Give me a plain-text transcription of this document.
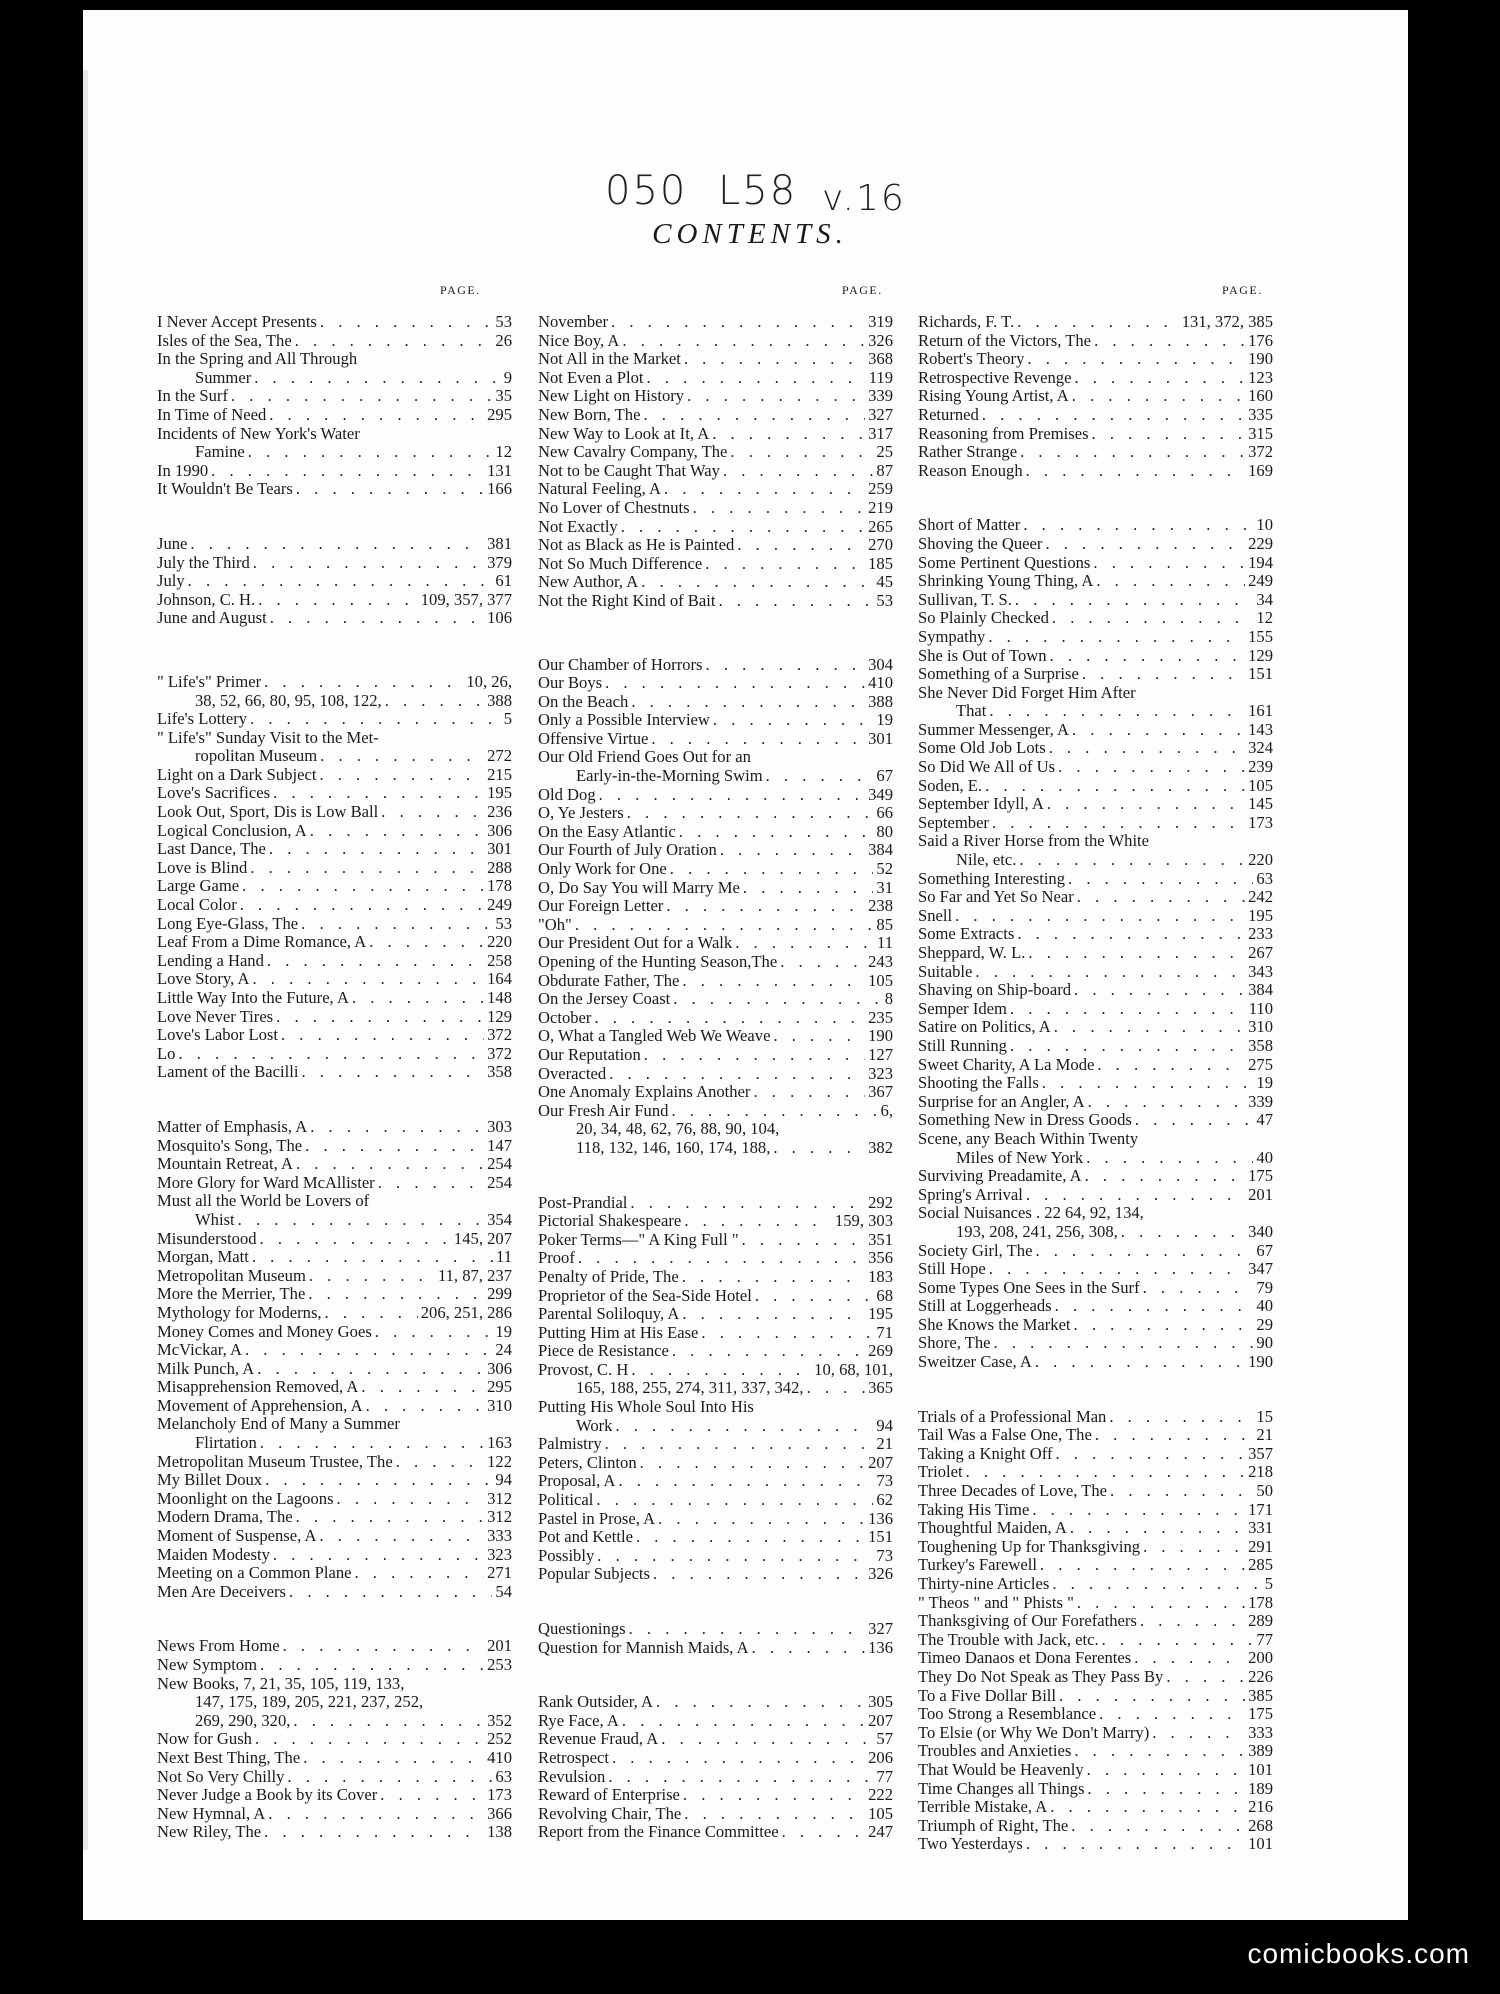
050 L58 v.16
CONTENTS.
PAGE.	PAGE.	PAGE.
I Never Accept Presents . . .	53
Isles of the Sea, The . . .	26
In the Spring and All Through
Summer . . .	9
In the Surf . . .	35
In Time of Need . . .	295
Incidents of New York's Water
Famine . . .	12
In 1990 . . .	131
It Wouldn't Be Tears . . .	166
June . . .	381
July the Third . . .	379
July . . .	61
Johnson, C. H. . . .	109, 357, 377
June and August . . .	106
" Life's" Primer . . .	10, 26,
38, 52, 66, 80, 95, 108, 122, . . .	388
Life's Lottery . . .	5
" Life's" Sunday Visit to the Met-
ropolitan Museum . . .	272
Light on a Dark Subject . . .	215
Love's Sacrifices . . .	195
Look Out, Sport, Dis is Low Ball . . .	236
Logical Conclusion, A . . .	306
Last Dance, The . . .	301
Love is Blind . . .	288
Large Game . . .	178
Local Color . . .	249
Long Eye-Glass, The . . .	53
Leaf From a Dime Romance, A . . .	220
Lending a Hand . . .	258
Love Story, A . . .	164
Little Way Into the Future, A . . .	148
Love Never Tires . . .	129
Love's Labor Lost . . .	372
Lo . . .	372
Lament of the Bacilli . . .	358
Matter of Emphasis, A . . .	303
Mosquito's Song, The . . .	147
Mountain Retreat, A . . .	254
More Glory for Ward McAllister . . .	254
Must all the World be Lovers of
Whist . . .	354
Misunderstood . . .	145, 207
Morgan, Matt . . .	11
Metropolitan Museum . . .	11, 87, 237
More the Merrier, The . . .	299
Mythology for Moderns, . . .	206, 251, 286
Money Comes and Money Goes . . .	19
McVickar, A . . .	24
Milk Punch, A . . .	306
Misapprehension Removed, A . . .	295
Movement of Apprehension, A . . .	310
Melancholy End of Many a Summer
Flirtation . . .	163
Metropolitan Museum Trustee, The . . .	122
My Billet Doux . . .	94
Moonlight on the Lagoons . . .	312
Modern Drama, The . . .	312
Moment of Suspense, A . . .	333
Maiden Modesty . . .	323
Meeting on a Common Plane . . .	271
Men Are Deceivers . . .	54
News From Home . . .	201
New Symptom . . .	253
New Books, 7, 21, 35, 105, 119, 133,
147, 175, 189, 205, 221, 237, 252,
269, 290, 320, . . .	352
Now for Gush . . .	252
Next Best Thing, The . . .	410
Not So Very Chilly . . .	63
Never Judge a Book by its Cover . . .	173
New Hymnal, A . . .	366
New Riley, The . . .	138
November . . .	319
Nice Boy, A . . .	326
Not All in the Market . . .	368
Not Even a Plot . . .	119
New Light on History . . .	339
New Born, The . . .	327
New Way to Look at It, A . . .	317
New Cavalry Company, The . . .	25
Not to be Caught That Way . . .	87
Natural Feeling, A . . .	259
No Lover of Chestnuts . . .	219
Not Exactly . . .	265
Not as Black as He is Painted . . .	270
Not So Much Difference . . .	185
New Author, A . . .	45
Not the Right Kind of Bait . . .	53
Our Chamber of Horrors . . .	304
Our Boys . . .	410
On the Beach . . .	388
Only a Possible Interview . . .	19
Offensive Virtue . . .	301
Our Old Friend Goes Out for an
Early-in-the-Morning Swim . . .	67
Old Dog . . .	349
O, Ye Jesters . . .	66
On the Easy Atlantic . . .	80
Our Fourth of July Oration . . .	384
Only Work for One . . .	52
O, Do Say You will Marry Me . . .	31
Our Foreign Letter . . .	238
"Oh" . . .	85
Our President Out for a Walk . . .	11
Opening of the Hunting Season,The . . .	243
Obdurate Father, The . . .	105
On the Jersey Coast . . .	8
October . . .	235
O, What a Tangled Web We Weave . . .	190
Our Reputation . . .	127
Overacted . . .	323
One Anomaly Explains Another . . .	367
Our Fresh Air Fund . . .	6,
20, 34, 48, 62, 76, 88, 90, 104,
118, 132, 146, 160, 174, 188, . . .	382
Post-Prandial . . .	292
Pictorial Shakespeare . . .	159, 303
Poker Terms—" A King Full " . . .	351
Proof . . .	356
Penalty of Pride, The . . .	183
Proprietor of the Sea-Side Hotel . . .	68
Parental Soliloquy, A . . .	195
Putting Him at His Ease . . .	71
Piece de Resistance . . .	269
Provost, C. H . . .	10, 68, 101,
165, 188, 255, 274, 311, 337, 342, . . .	365
Putting His Whole Soul Into His
Work . . .	94
Palmistry . . .	21
Peters, Clinton . . .	207
Proposal, A . . .	73
Political . . .	62
Pastel in Prose, A . . .	136
Pot and Kettle . . .	151
Possibly . . .	73
Popular Subjects . . .	326
Questionings . . .	327
Question for Mannish Maids, A . . .	136
Rank Outsider, A . . .	305
Rye Face, A . . .	207
Revenue Fraud, A . . .	57
Retrospect . . .	206
Revulsion . . .	77
Reward of Enterprise . . .	222
Revolving Chair, The . . .	105
Report from the Finance Committee . . .	247
Richards, F. T. . . .	131, 372, 385
Return of the Victors, The . . .	176
Robert's Theory . . .	190
Retrospective Revenge . . .	123
Rising Young Artist, A . . .	160
Returned . . .	335
Reasoning from Premises . . .	315
Rather Strange . . .	372
Reason Enough . . .	169
Short of Matter . . .	10
Shoving the Queer . . .	229
Some Pertinent Questions . . .	194
Shrinking Young Thing, A . . .	249
Sullivan, T. S. . . .	34
So Plainly Checked . . .	12
Sympathy . . .	155
She is Out of Town . . .	129
Something of a Surprise . . .	151
She Never Did Forget Him After
That . . .	161
Summer Messenger, A . . .	143
Some Old Job Lots . . .	324
So Did We All of Us . . .	239
Soden, E. . . .	105
September Idyll, A . . .	145
September . . .	173
Said a River Horse from the White
Nile, etc. . . .	220
Something Interesting . . .	63
So Far and Yet So Near . . .	242
Snell . . .	195
Some Extracts . . .	233
Sheppard, W. L. . . .	267
Suitable . . .	343
Shaving on Ship-board . . .	384
Semper Idem . . .	110
Satire on Politics, A . . .	310
Still Running . . .	358
Sweet Charity, A La Mode . . .	275
Shooting the Falls . . .	19
Surprise for an Angler, A . . .	339
Something New in Dress Goods . . .	47
Scene, any Beach Within Twenty
Miles of New York . . .	40
Surviving Preadamite, A . . .	175
Spring's Arrival . . .	201
Social Nuisances . 22 64, 92, 134,
193, 208, 241, 256, 308, . . .	340
Society Girl, The . . .	67
Still Hope . . .	347
Some Types One Sees in the Surf . . .	79
Still at Loggerheads . . .	40
She Knows the Market . . .	29
Shore, The . . .	90
Sweitzer Case, A . . .	190
Trials of a Professional Man . . .	15
Tail Was a False One, The . . .	21
Taking a Knight Off . . .	357
Triolet . . .	218
Three Decades of Love, The . . .	50
Taking His Time . . .	171
Thoughtful Maiden, A . . .	331
Toughening Up for Thanksgiving . . .	291
Turkey's Farewell . . .	285
Thirty-nine Articles . . .	5
" Theos " and " Phists " . . .	178
Thanksgiving of Our Forefathers . . .	289
The Trouble with Jack, etc. . . .	77
Timeo Danaos et Dona Ferentes . . .	200
They Do Not Speak as They Pass By . . .	226
To a Five Dollar Bill . . .	385
Too Strong a Resemblance . . .	175
To Elsie (or Why We Don't Marry) . . .	333
Troubles and Anxieties . . .	389
That Would be Heavenly . . .	101
Time Changes all Things . . .	189
Terrible Mistake, A . . .	216
Triumph of Right, The . . .	268
Two Yesterdays . . .	101
comicbooks.com
